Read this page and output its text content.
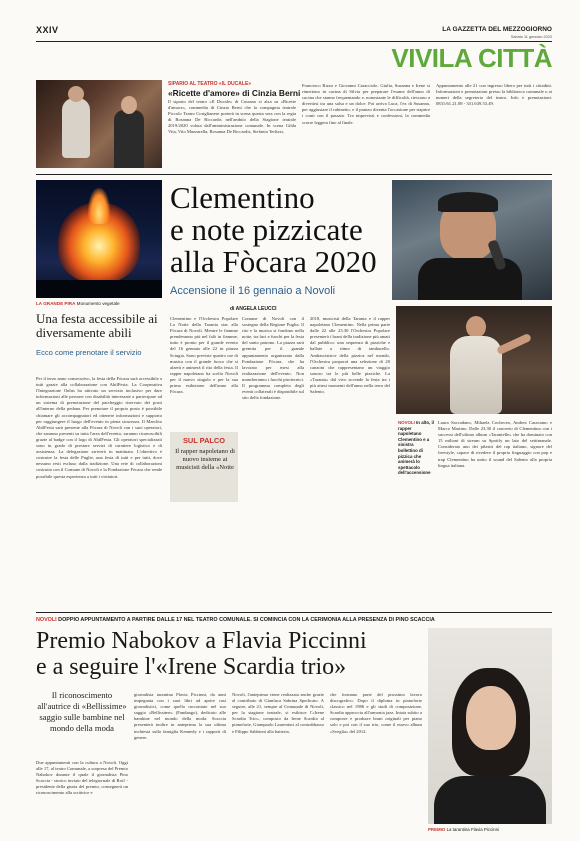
XXIV	LA GAZZETTA DEL MEZZOGIORNO
Sabato 11 gennaio 2020
VIVILA CITTÀ
SIPARIO AL TEATRO «IL DUCALE»
«Ricette d'amore» di Cinzia Berni
Il sipario del teatro «Il Ducale» di Cassano si alza su «Ricette d'amore», commedia di Cinzia Berni che la compagnia teatrale Piccolo Teatro Coriglianese porterà in scena questa sera con la regia di Rosanna De Riccardis nell'ambito della Stagione teatrale 2019/2020 voluta dall'amministrazione comunale. In scena Gilda Vita, Vito Mazzarella, Rosanna De Riccardis, Stefania Terlizzi,
Francesco Rizzo e Giovanni Caracciolo. Giulia, Susanna e Irene si rimettono in cucina di Silvia per preparare l'esame dell'anno di cucina che stanno frequentando e, nonostante le difficoltà, riescono a divertirsi tra una salsa e un dolce. Poi arriva Luca, l'ex di Susanna, per aggiustare il rubinetto, e il pranzo diventa l'occasione per riaprire i conti con il passato. Tra imprevisti e confessioni, la commedia scorre leggera fino al finale.
Appuntamento alle 21 con ingresso libero per tutti i cittadini. Informazioni e prenotazioni presso la biblioteca comunale o ai numeri della segreteria del teatro. Info e prenotazioni: 0831/61.21.08 - 331.639.53.49.
LA GRANDE PIRA Monumento vegetale
Clementino
e note pizzicate
alla Fòcara 2020
Accensione il 16 gennaio a Novoli
di ANGELA LEUCCI
Una festa accessibile ai diversamente abili
Ecco come prenotare il servizio
Per il terzo anno consecutivo, la festa della Fòcara sarà accessibile a tutti grazie alla collaborazione con AbilFesta. La Cooperativa l'Integrazione Onlus ha attivato un servizio inclusivo per dare informazioni alle persone con disabilità interessate a partecipare ad un sistema di prenotazione del parcheggio riservato dei posti all'interno della pedana. Per prenotare il proprio posto è possibile chiamare gli accompagnatori ed ottenere informazioni e supporto per raggiungere il luogo dell'evento in piena sicurezza. Il Marchio AbilFesta sarà presente alla Fòcara di Novoli con i suoi operatori, che saranno presenti su tutta l'area dell'evento, saranno riconoscibili grazie al badge con il logo di AbilFesta. Gli operatori specializzati sono in grado di prestare servizi di carattere logistico e di assistenza. La delegazione arriverà in mattinata. L'obiettivo è costruire la festa delle Puglie, una festa di tutti e per tutti, dove nessuno resti escluso dalla tradizione. Una rete di collaborazioni costruita con il Comune di Novoli e la Fondazione Fòcara che rende possibile questa esperienza a tutti i visitatori.
Clementino e l'Orchestra Popolare La Notte della Taranta star alla Fòcara di Novoli. Mentre le fiamme prenderanno più nel falò in fiamme, tutto è pronto per il grande evento del 16 gennaio alle 22 in piazza Sciugia. Sono previste quattro ore di musica con il grande fuoco che si alzerà e animerà il rito della festa. Il rapper napoletano ha scelto Novoli per il nuovo singolo e per la sua prima esibizione dell'anno alla Fòcara.
SUL PALCO
Il rapper napoletano di nuovo insieme ai musicisti della «Notte
Comune di Novoli con il sostegno della Regione Puglia. Il rito e la musica si fondono nella notte, tra luci e fuochi per la festa del santo patrono. La piazza sarà gremita per il grande appuntamento organizzato dalla Fondazione Fòcara, che ha lavorato per mesi alla realizzazione dell'evento. Non mancheranno i fuochi pirotecnici. Il programma completo degli eventi collaterali è disponibile sul sito della fondazione.
2018, musicisti della Taranta e il rapper napoletano Clementino. Nella prima parte dalle 22 alle 23.30 l'Orchestra Popolare presenterà i brani della tradizione più amati dal pubblico: una sequenza di pizziche e ballate a ritmo di tamburello. Ambasciatrice della pizzica nel mondo, l'Orchestra proporrà una selezione di 20 canzoni che rappresentano un viaggio sonoro tra le più belle pizziche. La «Taranta» dal vivo accende la festa tra i più attesi momenti dell'anno nella terra del Salento.
NOVOLI In alto, il rapper napoletano Clementino e a sinistra bollettino di pizzica che animerà lo spettacolo dell'accensione
Laura Saccadano, Mihaela Cochecea, Andrea Caracamo e Marco Martino. Dalle 23.30 il concerto di Clementino con i successi dell'ultimo album «Tarantelle» che ha dominato con 15 milioni di stream su Spotify un lato del settimanale. Considerato uno dei pilastri del rap italiano, signore del freestyle, capace di rivedere il proprio linguaggio con pop e trap Clementino ha unito il sound del Salento alla propria lingua italiana.
NOVOLI DOPPIO APPUNTAMENTO A PARTIRE DALLE 17 NEL TEATRO COMUNALE. SI COMINCIA CON LA CERIMONIA ALLA PRESENZA DI PINO SCACCIA
Premio Nabokov a Flavia Piccinni
e a seguire l'«Irene Scardia trio»
Il riconoscimento all'autrice di «Bellissime» saggio sulle bambine nel mondo della moda
Due appuntamenti con la cultura a Novoli. Oggi alle 17, al teatro Comunale, a sorpresa del Premio Nabokov durante il quale il giornalista Pino Scaccia - storico inviato del telegiornale di Rai1 - presidente della giuria del premio, consegnerà un riconoscimento alla scrittrice e
giornalista tarantina Flavia Piccinni, da anni impegnata con i suoi libri ad aprire casi giornalistici, come quello raccontato nel suo saggio «Bellissime» (Fandango), dedicato alle bambine nel mondo della moda. Scaccia presenterà inoltre in anteprima la sua ultima inchiesta sulla famiglia Kennedy e i rapporti di genere.
Novoli, l'anteprima viene realizzata anche grazie al contributo di Gianluca Sabrina Spedicato. A seguire, alle 21, sempre al Comunale di Novoli, per la stagione teatrale, si esibisce l'«Irene Scardia Trio», composto da Irene Scardia al pianoforte, Giampaolo Laurentaci al contrabbasso e Filippo Sabbioni alla batteria.
che formano parte del prossimo lavoro discografico. Dopo il diploma in pianoforte classico nel 1986 e gli studi di composizione, Scardia approccia all'armonia jazz. Inizia subito a comporre e produrre brani originali per piano solo e poi con il suo trio, come il nuovo album «Sveglia» del 2012.
PREMIO La tarantina Flavia Piccinni
